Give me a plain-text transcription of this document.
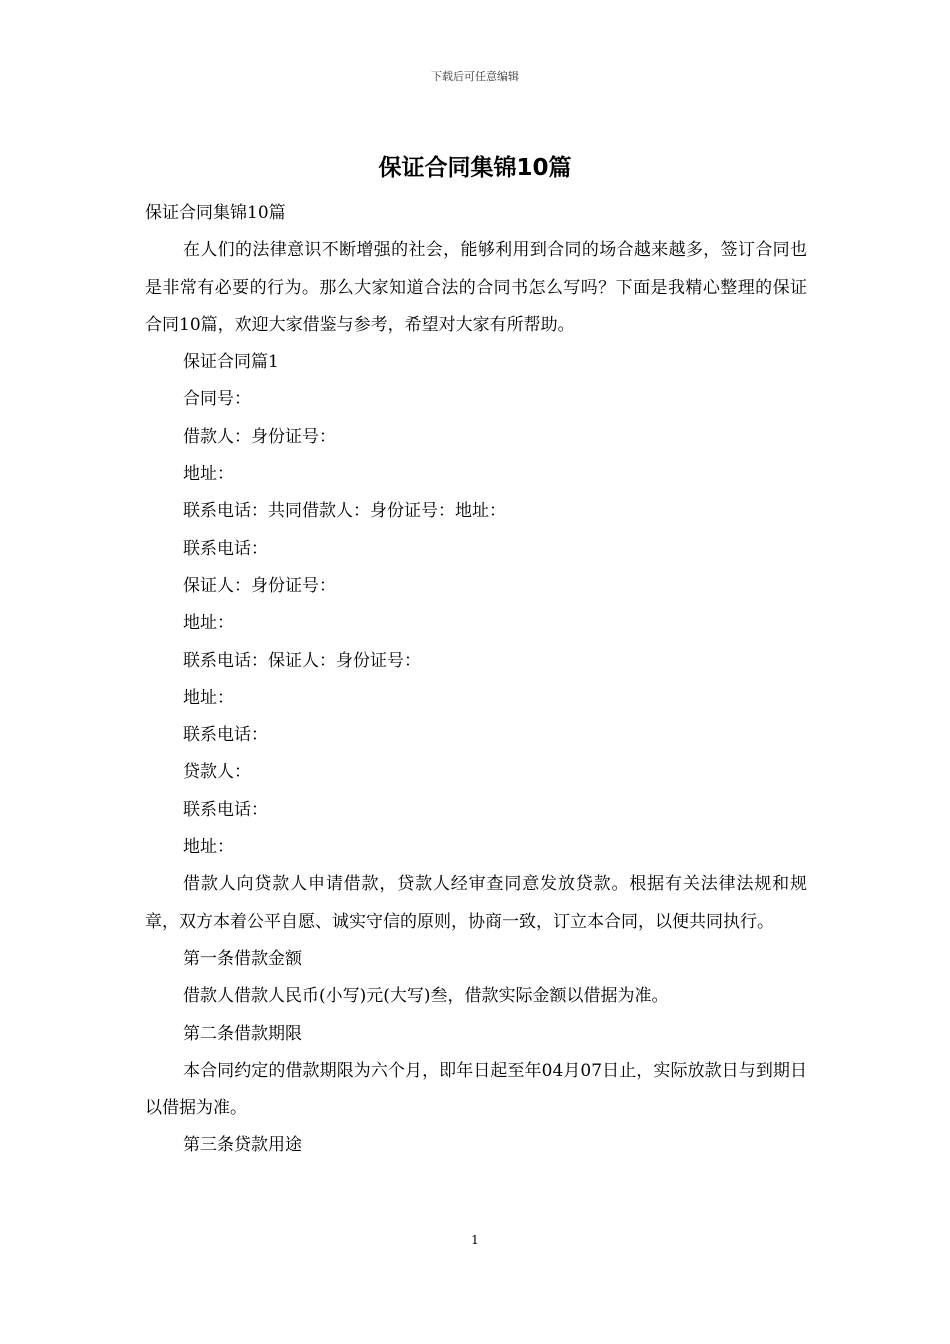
下载后可任意编辑
保证合同集锦10篇

保证合同集锦10篇

在人们的法律意识不断增强的社会，能够利用到合同的场合越来越多，签订合同也是非常有必要的行为。那么大家知道合法的合同书怎么写吗？下面是我精心整理的保证合同10篇，欢迎大家借鉴与参考，希望对大家有所帮助。

保证合同篇1

合同号：

借款人：身份证号：

地址：

联系电话：共同借款人：身份证号：地址：

联系电话：

保证人：身份证号：

地址：

联系电话：保证人：身份证号：

地址：

联系电话：

贷款人：

联系电话：

地址：

借款人向贷款人申请借款，贷款人经审查同意发放贷款。根据有关法律法规和规章，双方本着公平自愿、诚实守信的原则，协商一致，订立本合同，以便共同执行。

第一条借款金额

借款人借款人民币(小写)元(大写)叁，借款实际金额以借据为准。

第二条借款期限

本合同约定的借款期限为六个月，即年日起至年04月07日止，实际放款日与到期日以借据为准。

第三条贷款用途

1
